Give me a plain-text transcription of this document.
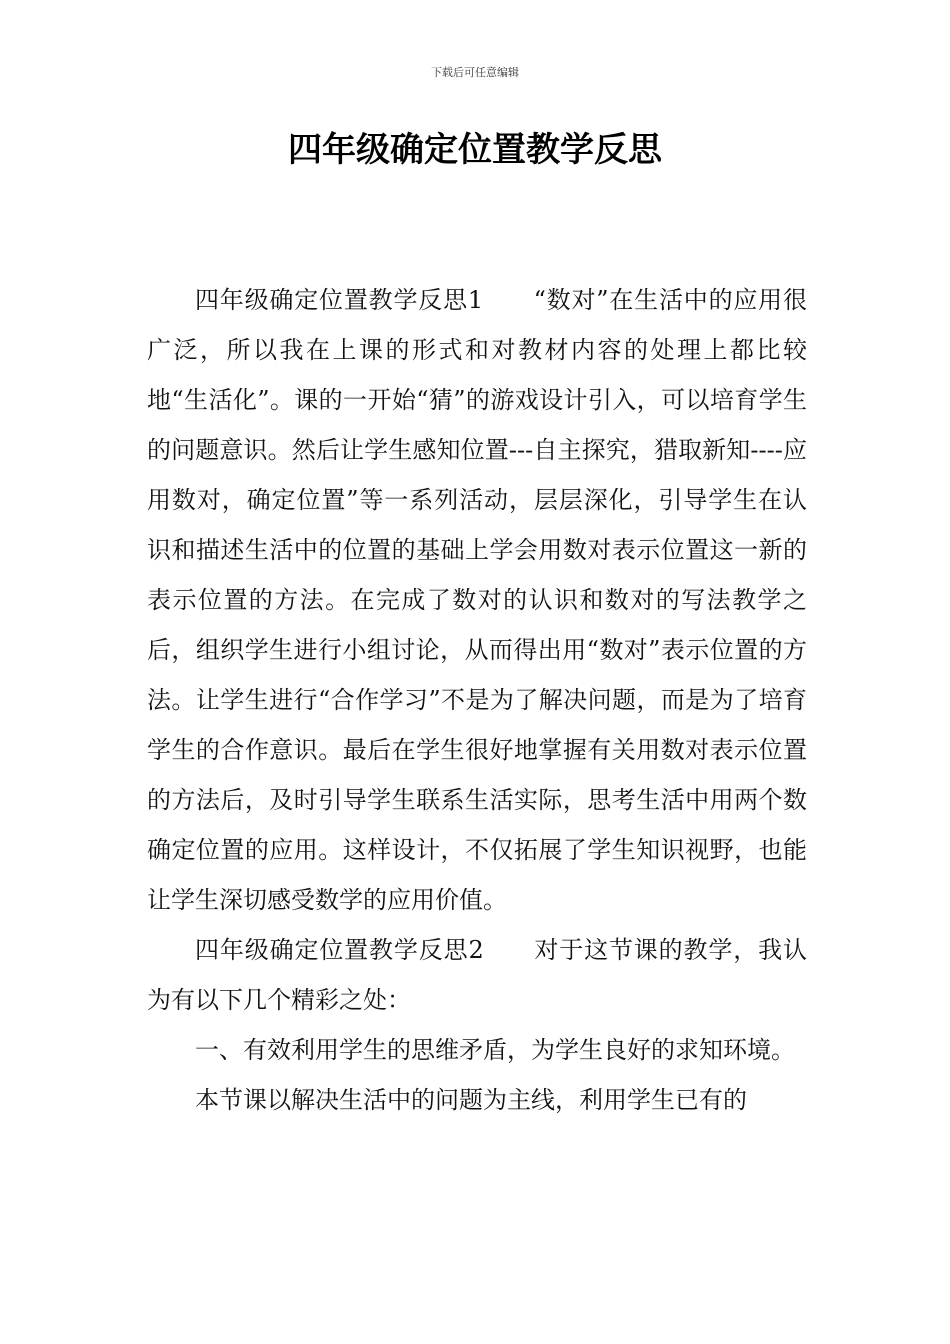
下载后可任意编辑
四年级确定位置教学反思

四年级确定位置教学反思1　　“数对”在生活中的应用很广泛，所以我在上课的形式和对教材内容的处理上都比较地“生活化”。课的一开始“猜”的游戏设计引入，可以培育学生的问题意识。然后让学生感知位置---自主探究，猎取新知----应用数对，确定位置”等一系列活动，层层深化，引导学生在认识和描述生活中的位置的基础上学会用数对表示位置这一新的表示位置的方法。在完成了数对的认识和数对的写法教学之后，组织学生进行小组讨论，从而得出用“数对”表示位置的方法。让学生进行“合作学习”不是为了解决问题，而是为了培育学生的合作意识。最后在学生很好地掌握有关用数对表示位置的方法后，及时引导学生联系生活实际，思考生活中用两个数确定位置的应用。这样设计，不仅拓展了学生知识视野，也能让学生深切感受数学的应用价值。

四年级确定位置教学反思2　　对于这节课的教学，我认为有以下几个精彩之处：

一、有效利用学生的思维矛盾，为学生良好的求知环境。

本节课以解决生活中的问题为主线，利用学生已有的
